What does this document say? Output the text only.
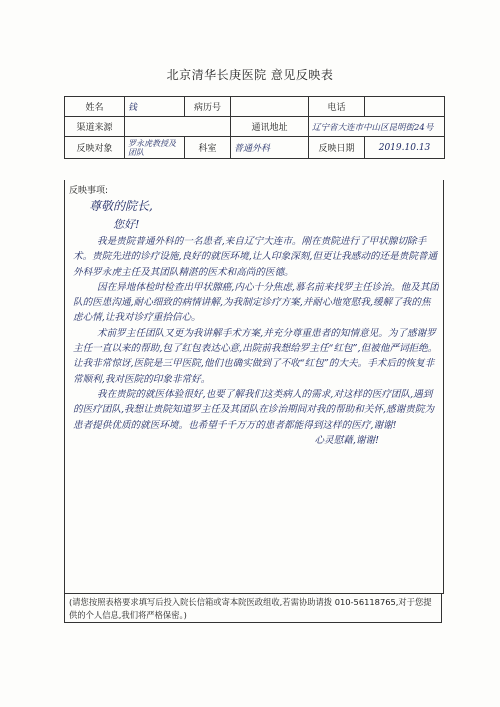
北京清华长庚医院 意见反映表
姓名	钱	病历号		电话	
渠道来源			通讯地址	辽宁省大连市中山区昆明街24号	
反映对象	罗永虎教授及团队	科室	普通外科	反映日期	2019.10.13
反映事项:

尊敬的院长,

您好!

我是贵院普通外科的一名患者,来自辽宁大连市。刚在贵院进行了甲状腺切除手术。贵院先进的诊疗设施,良好的就医环境,让人印象深刻,但更让我感动的还是贵院普通外科罗永虎主任及其团队精湛的医术和高尚的医德。

因在异地体检时检查出甲状腺癌,内心十分焦虑,慕名前来找罗主任诊治。他及其团队的医患沟通,耐心细致的病情讲解,为我制定诊疗方案,并耐心地宽慰我,缓解了我的焦虑心情,让我对诊疗重拾信心。

术前罗主任团队又更为我讲解手术方案,并充分尊重患者的知情意见。为了感谢罗主任一直以来的帮助,包了红包表达心意,出院前我想给罗主任“红包”,但被他严词拒绝。让我非常惊讶,医院是三甲医院,他们也确实做到了不收“红包”的大夫。手术后的恢复非常顺利,我对医院的印象非常好。

我在贵院的就医体验很好,也要了解我们这类病人的需求,对这样的医疗团队,遇到的医疗团队,我想让贵院知道罗主任及其团队在诊治期间对我的帮助和关怀,感谢贵院为患者提供优质的就医环境。也希望千千万万的患者都能得到这样的医疗,谢谢!

心灵慰藉,谢谢!

(请您按照表格要求填写后投入院长信箱或寄本院医政组收,若需协助请拨 010-56118765,对于您提供的个人信息,我们将严格保密。)
